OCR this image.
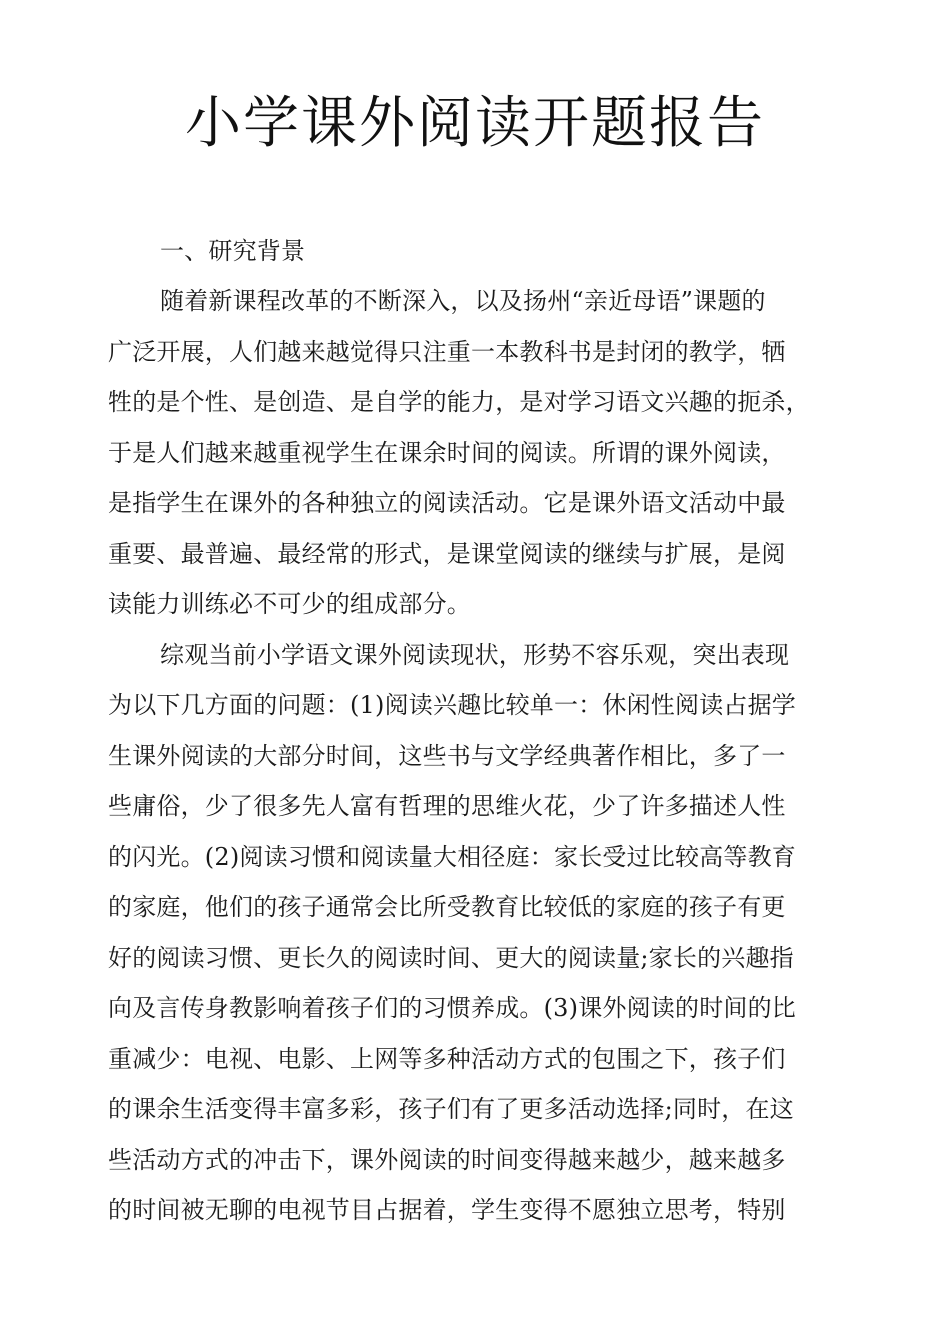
小学课外阅读开题报告
一、研究背景
随着新课程改革的不断深入，以及扬州“亲近母语”课题的
广泛开展，人们越来越觉得只注重一本教科书是封闭的教学，牺
牲的是个性、是创造、是自学的能力，是对学习语文兴趣的扼杀，
于是人们越来越重视学生在课余时间的阅读。所谓的课外阅读，
是指学生在课外的各种独立的阅读活动。它是课外语文活动中最
重要、最普遍、最经常的形式，是课堂阅读的继续与扩展，是阅
读能力训练必不可少的组成部分。
综观当前小学语文课外阅读现状，形势不容乐观，突出表现
为以下几方面的问题：(1)阅读兴趣比较单一：休闲性阅读占据学
生课外阅读的大部分时间，这些书与文学经典著作相比，多了一
些庸俗，少了很多先人富有哲理的思维火花，少了许多描述人性
的闪光。(2)阅读习惯和阅读量大相径庭：家长受过比较高等教育
的家庭，他们的孩子通常会比所受教育比较低的家庭的孩子有更
好的阅读习惯、更长久的阅读时间、更大的阅读量;家长的兴趣指
向及言传身教影响着孩子们的习惯养成。(3)课外阅读的时间的比
重减少：电视、电影、上网等多种活动方式的包围之下，孩子们
的课余生活变得丰富多彩，孩子们有了更多活动选择;同时，在这
些活动方式的冲击下，课外阅读的时间变得越来越少，越来越多
的时间被无聊的电视节目占据着，学生变得不愿独立思考，特别
